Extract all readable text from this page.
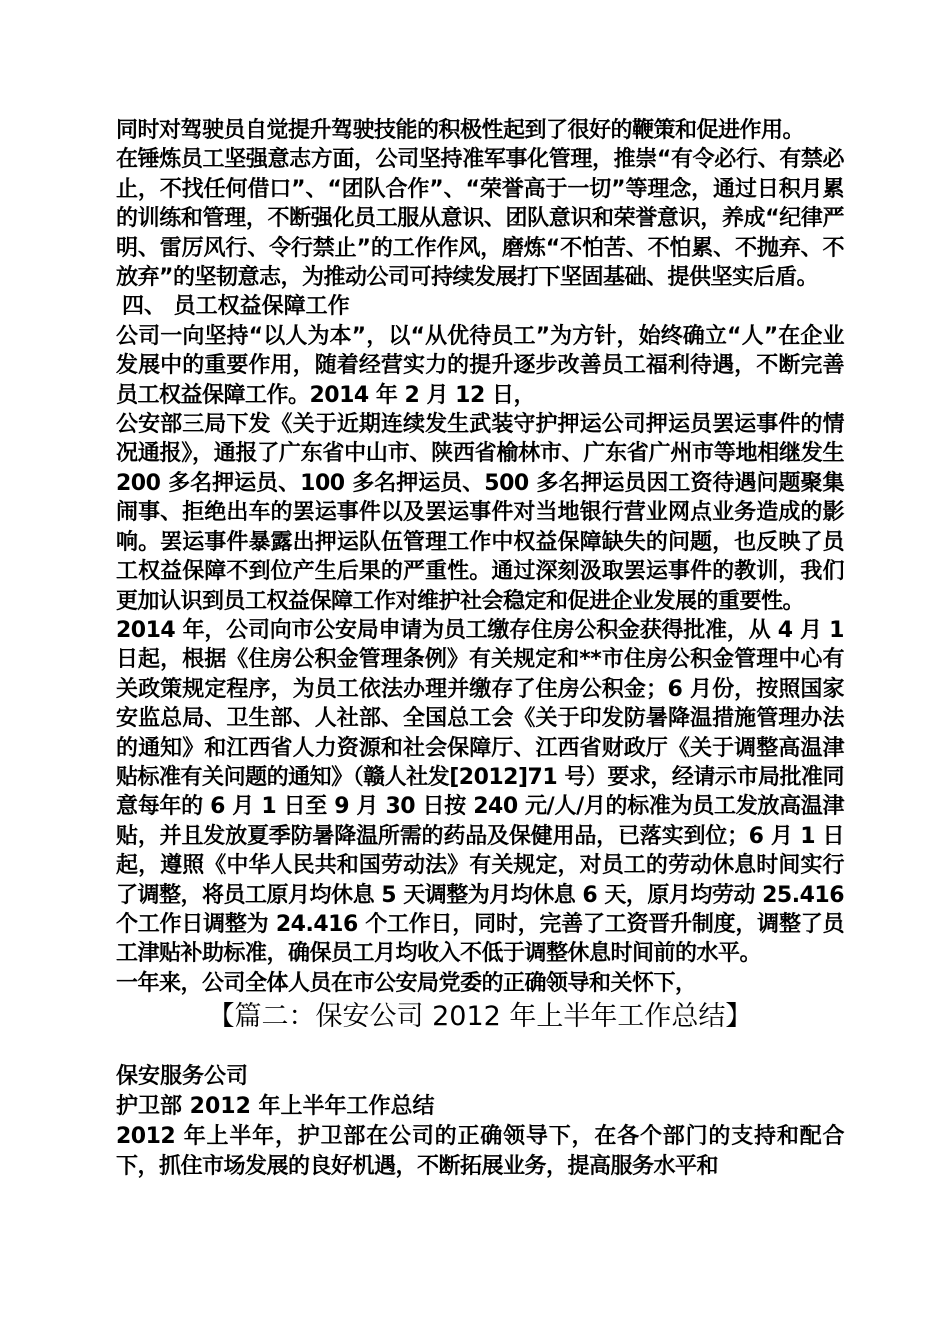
同时对驾驶员自觉提升驾驶技能的积极性起到了很好的鞭策和促进作用。

在锤炼员工坚强意志方面，公司坚持准军事化管理，推崇“有令必行、有禁必止，不找任何借口”、“团队合作”、“荣誉高于一切”等理念，通过日积月累的训练和管理，不断强化员工服从意识、团队意识和荣誉意识，养成“纪律严明、雷厉风行、令行禁止”的工作作风，磨炼“不怕苦、不怕累、不抛弃、不放弃”的坚韧意志，为推动公司可持续发展打下坚固基础、提供坚实后盾。

四、 员工权益保障工作

公司一向坚持“以人为本”，以“从优待员工”为方针，始终确立“人”在企业发展中的重要作用，随着经营实力的提升逐步改善员工福利待遇，不断完善员工权益保障工作。2014 年 2 月 12 日，

公安部三局下发《关于近期连续发生武装守护押运公司押运员罢运事件的情况通报》，通报了广东省中山市、陕西省榆林市、广东省广州市等地相继发生 200 多名押运员、100 多名押运员、500 多名押运员因工资待遇问题聚集闹事、拒绝出车的罢运事件以及罢运事件对当地银行营业网点业务造成的影响。罢运事件暴露出押运队伍管理工作中权益保障缺失的问题，也反映了员工权益保障不到位产生后果的严重性。通过深刻汲取罢运事件的教训，我们更加认识到员工权益保障工作对维护社会稳定和促进企业发展的重要性。

2014 年，公司向市公安局申请为员工缴存住房公积金获得批准，从 4 月 1 日起，根据《住房公积金管理条例》有关规定和**市住房公积金管理中心有关政策规定程序，为员工依法办理并缴存了住房公积金；6 月份，按照国家安监总局、卫生部、人社部、全国总工会《关于印发防暑降温措施管理办法的通知》和江西省人力资源和社会保障厅、江西省财政厅《关于调整高温津贴标准有关问题的通知》（赣人社发[2012]71 号）要求，经请示市局批准同意每年的 6 月 1 日至 9 月 30 日按 240 元/人/月的标准为员工发放高温津贴，并且发放夏季防暑降温所需的药品及保健用品，已落实到位；6 月 1 日起，遵照《中华人民共和国劳动法》有关规定，对员工的劳动休息时间实行了调整，将员工原月均休息 5 天调整为月均休息 6 天，原月均劳动 25.416 个工作日调整为 24.416 个工作日，同时，完善了工资晋升制度，调整了员工津贴补助标准，确保员工月均收入不低于调整休息时间前的水平。

一年来，公司全体人员在市公安局党委的正确领导和关怀下，

【篇二：保安公司 2012 年上半年工作总结】

保安服务公司

护卫部 2012 年上半年工作总结

2012 年上半年，护卫部在公司的正确领导下，在各个部门的支持和配合下，抓住市场发展的良好机遇，不断拓展业务，提高服务水平和
